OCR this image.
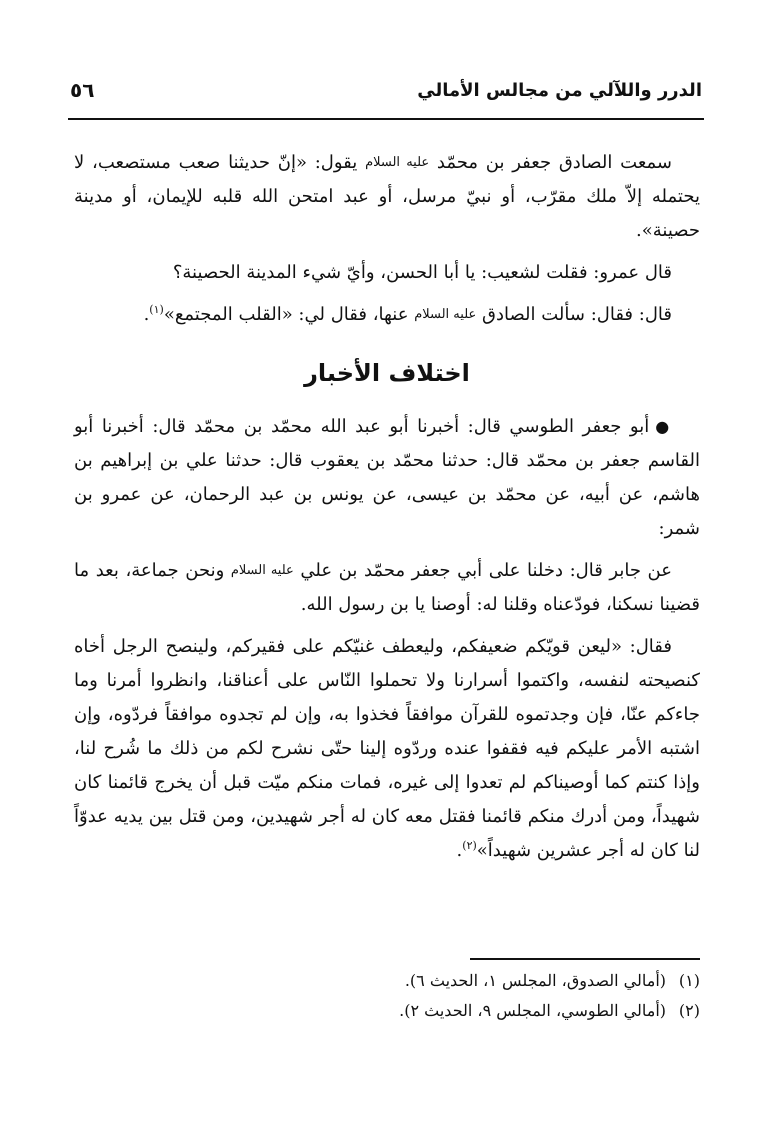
الدرر واللآلي من مجالس الأمالي
٥٦

سمعت الصادق جعفر بن محمّد عليه السلام يقول: «إنّ حديثنا صعب مستصعب، لا يحتمله إلاّ ملك مقرّب، أو نبيّ مرسل، أو عبد امتحن الله قلبه للإيمان، أو مدينة حصينة».

قال عمرو: فقلت لشعيب: يا أبا الحسن، وأيّ شيء المدينة الحصينة؟

قال: فقال: سألت الصادق عليه السلام عنها، فقال لي: «القلب المجتمع»$^{(١)}$.

اختلاف الأخبار

●أبو جعفر الطوسي قال: أخبرنا أبو عبد الله محمّد بن محمّد قال: أخبرنا أبو القاسم جعفر بن محمّد قال: حدثنا محمّد بن يعقوب قال: حدثنا علي بن إبراهيم بن هاشم، عن أبيه، عن محمّد بن عيسى، عن يونس بن عبد الرحمان، عن عمرو بن شمر:

عن جابر قال: دخلنا على أبي جعفر محمّد بن علي عليه السلام ونحن جماعة، بعد ما قضينا نسكنا، فودّعناه وقلنا له: أوصنا يا بن رسول الله.

فقال: «ليعن قويّكم ضعيفكم، وليعطف غنيّكم على فقيركم، ولينصح الرجل أخاه كنصيحته لنفسه، واكتموا أسرارنا ولا تحملوا النّاس على أعناقنا، وانظروا أمرنا وما جاءكم عنّا، فإن وجدتموه للقرآن موافقاً فخذوا به، وإن لم تجدوه موافقاً فردّوه، وإن اشتبه الأمر عليكم فيه فقفوا عنده وردّوه إلينا حتّى نشرح لكم من ذلك ما شُرح لنا، وإذا كنتم كما أوصيناكم لم تعدوا إلى غيره، فمات منكم ميّت قبل أن يخرج قائمنا كان شهيداً، ومن أدرك منكم قائمنا فقتل معه كان له أجر شهيدين، ومن قتل بين يديه عدوّاً لنا كان له أجر عشرين شهيداً»$^{(٢)}$.

(١)(أمالي الصدوق، المجلس ١، الحديث ٦).
(٢)(أمالي الطوسي، المجلس ٩، الحديث ٢).
